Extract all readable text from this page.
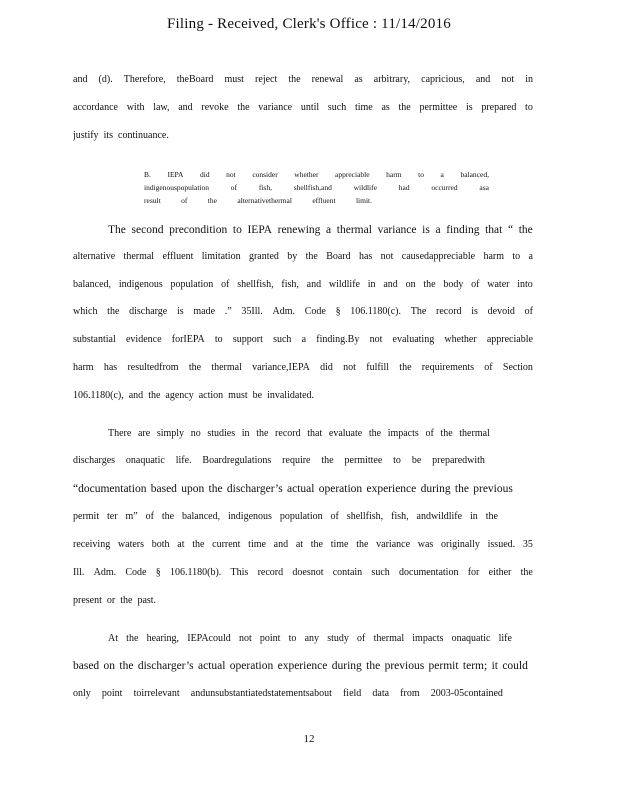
Filing - Received, Clerk's Office : 11/14/2016
and (d). Therefore, theBoard must reject the renewal as arbitrary, capricious, and not in
accordance with law, and revoke the variance until such time as the permittee is prepared to
justify its continuance.
B. IEPA did not consider whether appreciable harm to a balanced,
indigenouspopulation	of	fish,	shellfish,and	wildlife	had	occurred	asa
result	of	the	alternativethermal	effluent	limit.
The second precondition to IEPA renewing a thermal variance is a finding that “ the
alternative thermal effluent limitation granted by the Board has not causedappreciable harm to a
balanced, indigenous population of shellfish, fish, and wildlife in and on the body of water into
which the discharge is made .” 35Ill. Adm. Code § 106.1180(c). The record is devoid of
substantial evidence forIEPA to support such a finding.By not evaluating whether appreciable
harm has resultedfrom the thermal variance,IEPA did not fulfill the requirements of Section
106.1180(c), and the agency action must be invalidated.
There are simply no studies in the record that evaluate the impacts of the thermal
discharges onaquatic life. Boardregulations require the permittee to be preparedwith
“documentation based upon the discharger’s actual operation experience during the previous
permit ter m” of the balanced, indigenous population of shellfish, fish, andwildlife in the
receiving waters both at the current time and at the time the variance was originally issued. 35
Ill. Adm. Code § 106.1180(b). This record doesnot contain such documentation for either the
present or the past.
At the hearing, IEPAcould not point to any study of thermal impacts onaquatic life
based on the discharger’s actual operation experience during the previous permit term; it could
only point toirrelevant andunsubstantiatedstatementsabout field data from 2003-05contained
12
